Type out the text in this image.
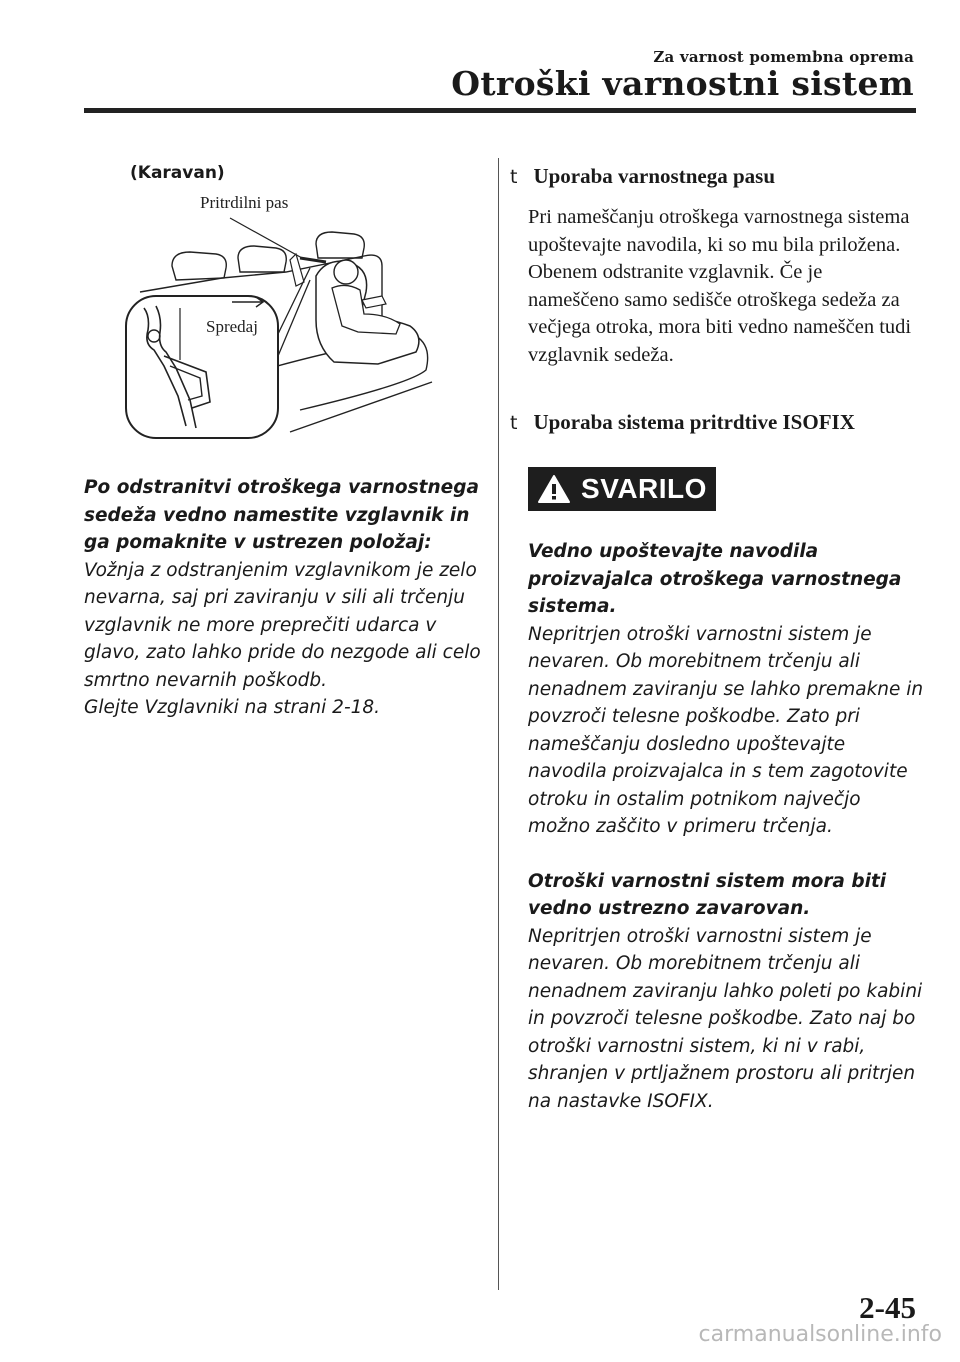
Za varnost pomembna oprema
Otroški varnostni sistem
(Karavan)
Pritrdilni pas
Spredaj
Po odstranitvi otroškega varnostnega sedeža vedno namestite vzglavnik in ga pomaknite v ustrezen položaj:
Vožnja z odstranjenim vzglavnikom je zelo nevarna, saj pri zaviranju v sili ali trčenju vzglavnik ne more preprečiti udarca v glavo, zato lahko pride do nezgode ali celo smrtno nevarnih poškodb.
Glejte Vzglavniki na strani 2-18.
t Uporaba varnostnega pasu
Pri nameščanju otroškega varnostnega sistema upoštevajte navodila, ki so mu bila priložena.
Obenem odstranite vzglavnik. Če je nameščeno samo sedišče otroškega sedeža za večjega otroka, mora biti vedno nameščen tudi vzglavnik sedeža.
t Uporaba sistema pritrdtive ISOFIX
SVARILO

Vedno upoštevajte navodila proizvajalca otroškega varnostnega sistema.
Nepritrjen otroški varnostni sistem je nevaren. Ob morebitnem trčenju ali nenadnem zaviranju se lahko premakne in povzroči telesne poškodbe. Zato pri nameščanju dosledno upoštevajte navodila proizvajalca in s tem zagotovite otroku in ostalim potnikom največjo možno zaščito v primeru trčenja.

Otroški varnostni sistem mora biti vedno ustrezno zavarovan.
Nepritrjen otroški varnostni sistem je nevaren. Ob morebitnem trčenju ali nenadnem zaviranju lahko poleti po kabini in povzroči telesne poškodbe. Zato naj bo otroški varnostni sistem, ki ni v rabi, shranjen v prtljažnem prostoru ali pritrjen na nastavke ISOFIX.

2-45
carmanualsonline.info
